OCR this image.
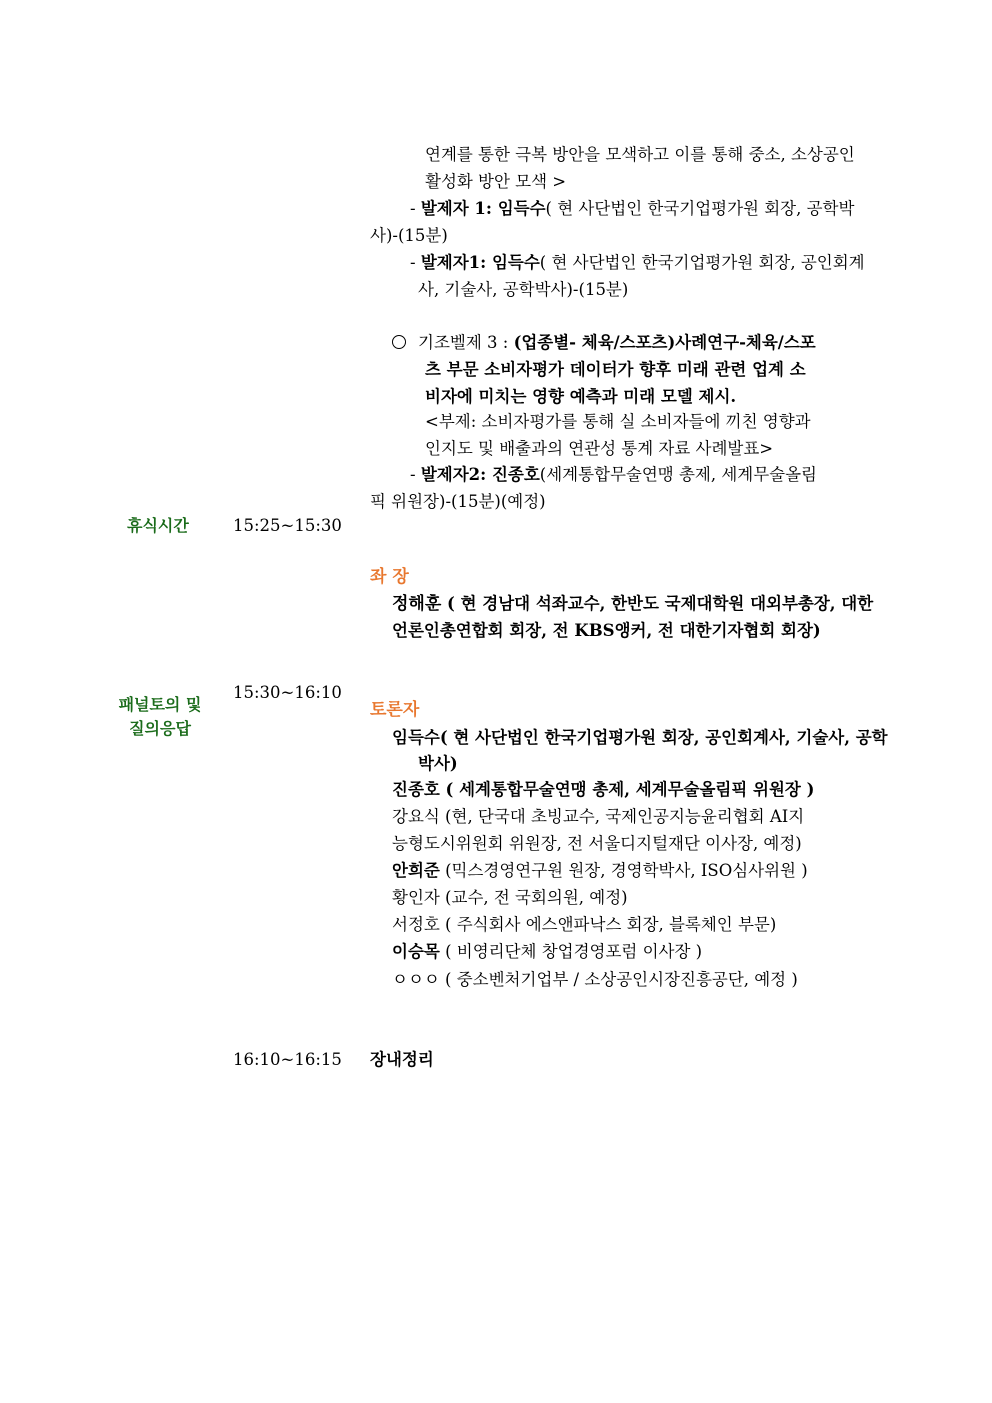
연계를 통한 극복 방안을 모색하고 이를 통해 중소, 소상공인
활성화 방안 모색 >
- 발제자 1: 임득수( 현 사단법인 한국기업평가원 회장, 공학박
사)-(15분)
- 발제자1: 임득수( 현 사단법인 한국기업평가원 회장, 공인회계
사, 기술사, 공학박사)-(15분)
기조벨제 3 : (업종별- 체육/스포츠)사례연구-체육/스포
츠 부문 소비자평가 데이터가 향후 미래 관련 업계 소
비자에 미치는 영향 예측과 미래 모델 제시.
<부제: 소비자평가를 통해 실 소비자들에 끼친 영향과
인지도 및 배출과의 연관성 통계 자료 사례발표>
- 발제자2: 진종호(세계통합무술연맹 총제, 세계무술올림
픽 위원장)-(15분)(예정)
휴식시간	15:25~15:30
좌 장
정해훈 ( 현 경남대 석좌교수, 한반도 국제대학원 대외부총장, 대한
언론인총연합회 회장, 전 KBS앵커, 전 대한기자협회 회장)
15:30~16:10
패널토의 및
질의응답
토론자
임득수( 현 사단법인 한국기업평가원 회장, 공인회계사, 기술사, 공학
박사)
진종호 ( 세계통합무술연맹 총제, 세계무술올림픽 위원장 )
강요식 (현, 단국대 초빙교수, 국제인공지능윤리협회 AI지
능형도시위원회 위원장, 전 서울디지털재단 이사장, 예정)
안희준 (믹스경영연구원 원장, 경영학박사, ISO심사위원 )
황인자 (교수, 전 국회의원, 예정)
서정호 ( 주식회사 에스앤파낙스 회장, 블록체인 부문)
이승목 ( 비영리단체 창업경영포럼 이사장 )
ㅇㅇㅇ ( 중소벤처기업부 / 소상공인시장진흥공단, 예정 )
16:10~16:15 장내정리
